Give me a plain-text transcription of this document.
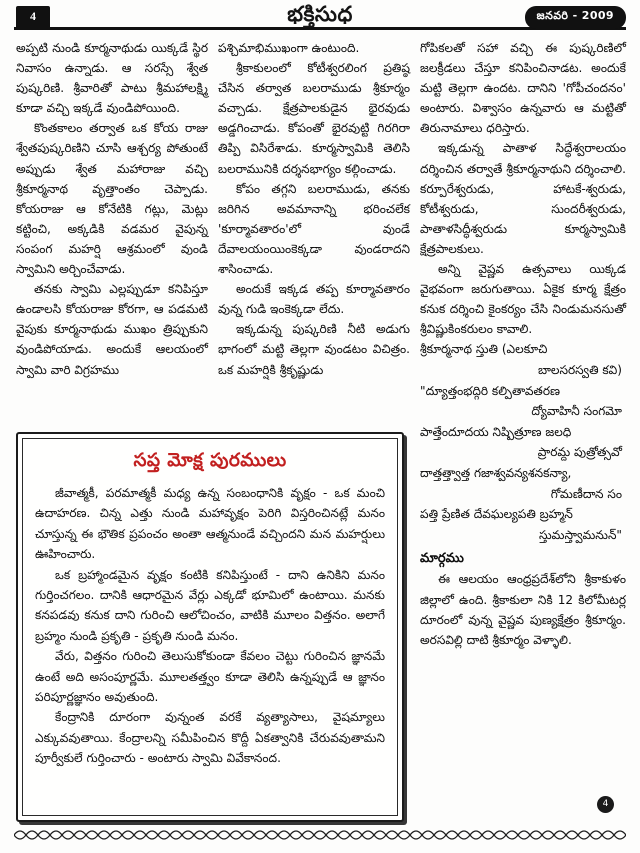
4	భక్తిసుధ	జనవరి - 2009

అప్పటి నుండి కూర్మనాథుడు యిక్కడే స్థిర నివాసం ఉన్నాడు. ఆ సరస్సే శ్వేత పుష్కరిణి. శ్రీవారితో పాటు శ్రీమహాలక్ష్మి కూడా వచ్చి ఇక్కడే వుండిపోయింది.

కొంతకాలం తర్వాత ఒక కోయ రాజు శ్వేతపుష్కరిణిని చూసి ఆశ్చర్య పోతుంటే అప్పుడు శ్వేత మహారాజు వచ్చి శ్రీకూర్మనాథ వృత్తాంతం చెప్పాడు. కోయరాజు ఆ కోనేటికి గట్లు, మెట్లు కట్టించి, అక్కడికి వడమర వైపున్న సంపంగ మహర్షి ఆశ్రమంలో వుండి స్వామిని అర్చించేవాడు.

తనకు స్వామి ఎల్లప్పుడూ కనిపిస్తూ ఉండాలసి కోయరాజు కోరగా, ఆ పడమటి వైపుకు కూర్మనాథుడు ముఖం త్రిప్పుకుని వుండిపోయాడు. అందుకే ఆలయంలో స్వామి వారి విగ్రహము

పశ్చిమాభిముఖంగా ఉంటుంది.

శ్రీకాకులంలో కోటీశ్వరలింగ ప్రతిష్ఠ చేసిన తర్వాత బలరాముడు శ్రీకూర్మం వచ్చాడు. క్షేత్రపాలకుడైన భైరవుడు అడ్డగించాడు. కోపంతో భైరవుట్టి గిరగిరా తిప్పి విసిరేశాడు. కూర్మస్వామికి తెలిసి బలరామునికి దర్శనభాగ్యం కల్గించాడు.

కోపం తగ్గని బలరాముడు, తనకు జరిగిన అవమానాన్ని భరించలేక 'కూర్మావతారం'లో వుండే దేవాలయంయింకెక్కడా వుండరాదని శాసించాడు.

అందుకే ఇక్కడ తప్ప కూర్మావతారం వున్న గుడి ఇంకెక్కడా లేదు.

ఇక్కడున్న పుష్కరిణి నీటి అడుగు భాగంలో మట్టి తెల్లగా వుండటం విచిత్రం. ఒక మహర్షికి శ్రీకృష్ణుడు

గోపికలతో సహా వచ్చి ఈ పుష్కరిణిలో జలక్రీడలు చేస్తూ కనిపించినాడట. అందుకే మట్టి తెల్లగా ఉందట. దానిని 'గోపీచందనం' అంటారు. విశ్వాసం ఉన్నవారు ఆ మట్టితో తిరునామాలు ధరిస్తారు.

ఇక్కడున్న పాతాళ సిద్ధేశ్వరాలయం దర్శించిన తర్వాతే శ్రీకూర్మనాథుని దర్శించాలి. కర్పూరేశ్వరుడు, హాటకే-శ్వరుడు, కోటీశ్వరుడు, సుందరీశ్వరుడు, పాతాళసిద్ధీశ్వరుడు కూర్మస్వామికి క్షేత్రపాలకులు.

అన్ని వైష్ణవ ఉత్సవాలు యిక్కడ వైభవంగా జరుగుతాయి. ఏకైక కూర్మ క్షేత్రం కనుక దర్శించి కైంకర్యం చేసి నిండుమనసుతో శ్రీవిష్ణుకింకరులం కావాలి.

శ్రీకూర్మనాథ స్తుతి (ఎలకూచి
బాలసరస్వతి కవి)
"ద్యూత్తంభద్గిరి కల్పితావతరణ
ద్యోవాహినీ సంగమో
పాత్తేందూదయ నిష్పిత్రూణ జలధి
ప్రారమ్ద పుత్రోత్సవో
దాత్తత్త్వాత్త గజాశ్వవన్యశనకన్యా,
గోమణీదాన సం
పత్తి ప్రేణిత దేవఘల్యపతి బ్రహ్మన్
స్తుమస్త్వామనున్"
మార్గము

ఈ ఆలయం ఆంధ్రప్రదేశ్‌లోని శ్రీకాకుళం జిల్లాలో ఉంది. శ్రీకాకులా నికి 12 కిలోమీటర్ల దూరంలో వున్న వైష్ణవ పుణ్యక్షేత్రం శ్రీకూర్మం. అరసవిల్లి దాటి శ్రీకూర్మం వెళ్ళాలి.

సప్త మోక్ష పురములు

జీవాత్మకీ, పరమాత్మకీ మధ్య ఉన్న సంబంధానికి వృక్షం - ఒక మంచి ఉదాహరణ. చిన్న ఎత్తు నుండి మహావృక్షం పెరిగి విస్తరించినట్లే మనం చూస్తున్న ఈ భౌతిక ప్రపంచం అంతా ఆత్మనుండే వచ్చిందని మన మహర్షులు ఊహించారు.

ఒక బ్రహ్మాండమైన వృక్షం కంటికి కనిపిస్తుంటే - దాని ఉనికిని మనం గుర్తించగలం. దానికి ఆధారమైన వేర్లు ఎక్కడో భూమిలో ఉంటాయి. మనకు కనపడవు కనుక దాని గురించి ఆలోచించం, వాటికి మూలం విత్తనం. అలాగే బ్రహ్మం నుండి ప్రకృతి - ప్రకృతి నుండి మనం.

వేరు, విత్తనం గురించి తెలుసుకోకుండా కేవలం చెట్టు గురించిన జ్ఞానమే ఉంటే అది అసంపూర్ణమే. మూలతత్త్వం కూడా తెలిసి ఉన్నప్పుడే ఆ జ్ఞానం పరిపూర్ణజ్ఞానం అవుతుంది.

కేంద్రానికి దూరంగా వున్నంత వరకే వ్యత్యాసాలు, వైషమ్యాలు ఎక్కువవుతాయి. కేంద్రాలన్ని సమీపించిన కొద్దీ ఏకత్వానికి చేరువవుతామని పూర్వీకులే గుర్తించారు - అంటారు స్వామి వివేకానంద.

4
